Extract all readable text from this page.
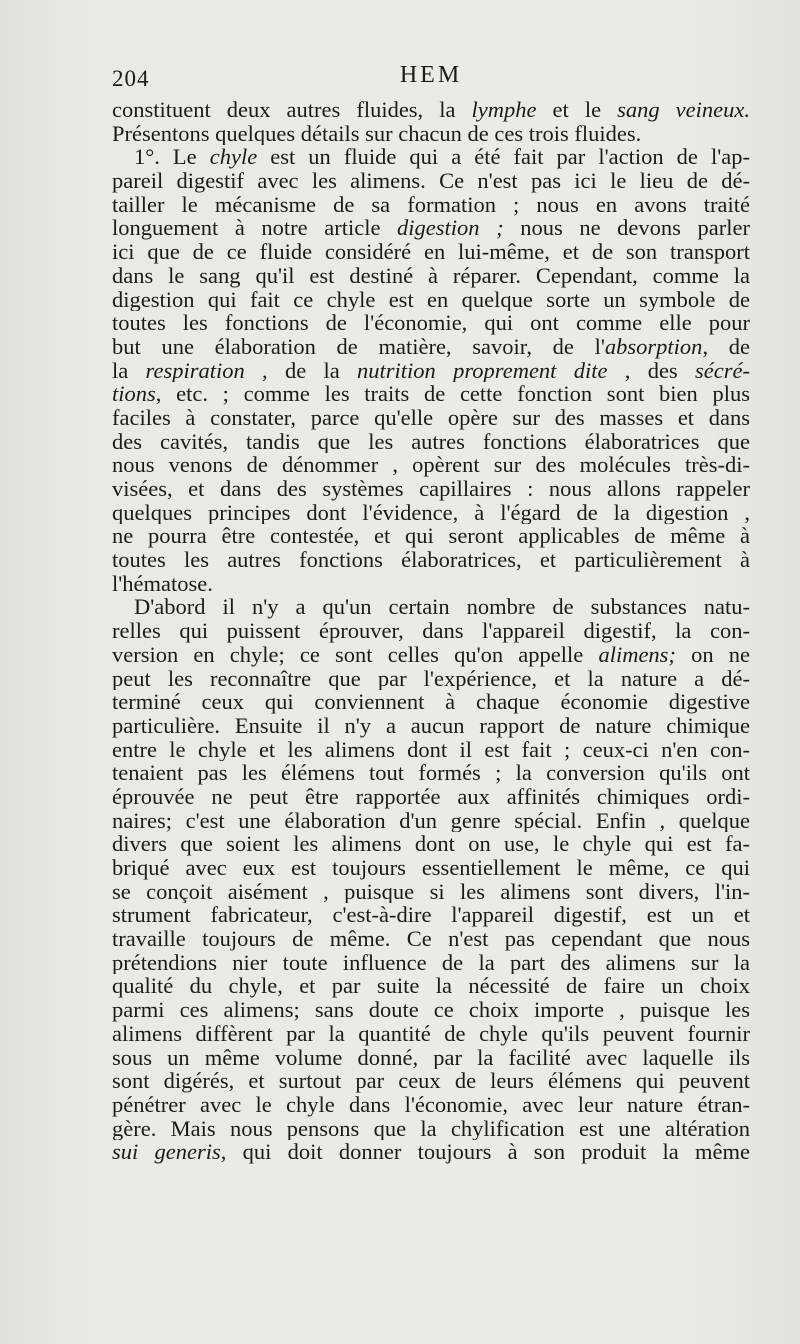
204	HEM
constituent deux autres fluides, la lymphe et le sang veineux.
Présentons quelques détails sur chacun de ces trois fluides.
1°. Le chyle est un fluide qui a été fait par l'action de l'ap-
pareil digestif avec les alimens. Ce n'est pas ici le lieu de dé-
tailler le mécanisme de sa formation ; nous en avons traité
longuement à notre article digestion ; nous ne devons parler
ici que de ce fluide considéré en lui-même, et de son transport
dans le sang qu'il est destiné à réparer. Cependant, comme la
digestion qui fait ce chyle est en quelque sorte un symbole de
toutes les fonctions de l'économie, qui ont comme elle pour
but une élaboration de matière, savoir, de l'absorption, de
la respiration , de la nutrition proprement dite , des sécré-
tions, etc. ; comme les traits de cette fonction sont bien plus
faciles à constater, parce qu'elle opère sur des masses et dans
des cavités, tandis que les autres fonctions élaboratrices que
nous venons de dénommer , opèrent sur des molécules très-di-
visées, et dans des systèmes capillaires : nous allons rappeler
quelques principes dont l'évidence, à l'égard de la digestion ,
ne pourra être contestée, et qui seront applicables de même à
toutes les autres fonctions élaboratrices, et particulièrement à
l'hématose.
D'abord il n'y a qu'un certain nombre de substances natu-
relles qui puissent éprouver, dans l'appareil digestif, la con-
version en chyle; ce sont celles qu'on appelle alimens; on ne
peut les reconnaître que par l'expérience, et la nature a dé-
terminé ceux qui conviennent à chaque économie digestive
particulière. Ensuite il n'y a aucun rapport de nature chimique
entre le chyle et les alimens dont il est fait ; ceux-ci n'en con-
tenaient pas les élémens tout formés ; la conversion qu'ils ont
éprouvée ne peut être rapportée aux affinités chimiques ordi-
naires; c'est une élaboration d'un genre spécial. Enfin , quelque
divers que soient les alimens dont on use, le chyle qui est fa-
briqué avec eux est toujours essentiellement le même, ce qui
se conçoit aisément , puisque si les alimens sont divers, l'in-
strument fabricateur, c'est-à-dire l'appareil digestif, est un et
travaille toujours de même. Ce n'est pas cependant que nous
prétendions nier toute influence de la part des alimens sur la
qualité du chyle, et par suite la nécessité de faire un choix
parmi ces alimens; sans doute ce choix importe , puisque les
alimens diffèrent par la quantité de chyle qu'ils peuvent fournir
sous un même volume donné, par la facilité avec laquelle ils
sont digérés, et surtout par ceux de leurs élémens qui peuvent
pénétrer avec le chyle dans l'économie, avec leur nature étran-
gère. Mais nous pensons que la chylification est une altération
sui generis, qui doit donner toujours à son produit la même
